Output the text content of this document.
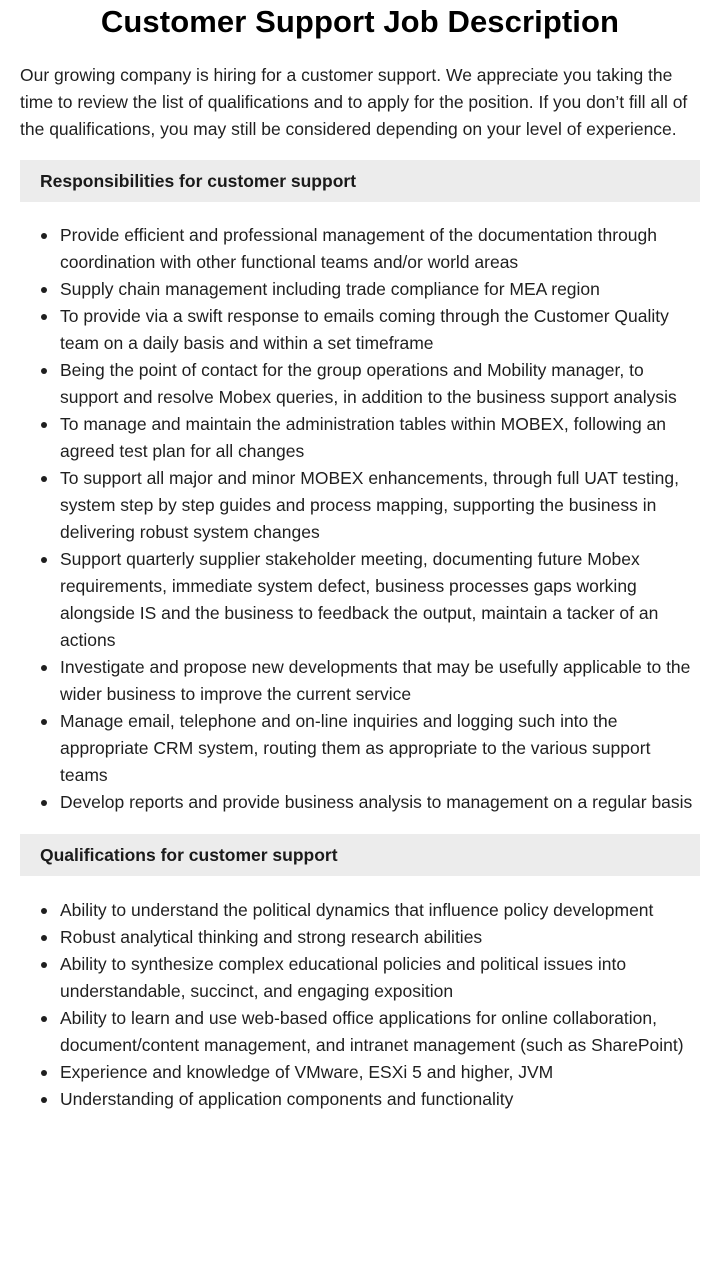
Customer Support Job Description

Our growing company is hiring for a customer support. We appreciate you taking the time to review the list of qualifications and to apply for the position. If you don’t fill all of the qualifications, you may still be considered depending on your level of experience.

Responsibilities for customer support
Provide efficient and professional management of the documentation through coordination with other functional teams and/or world areas
Supply chain management including trade compliance for MEA region
To provide via a swift response to emails coming through the Customer Quality team on a daily basis and within a set timeframe
Being the point of contact for the group operations and Mobility manager, to support and resolve Mobex queries, in addition to the business support analysis
To manage and maintain the administration tables within MOBEX, following an agreed test plan for all changes
To support all major and minor MOBEX enhancements, through full UAT testing, system step by step guides and process mapping, supporting the business in delivering robust system changes
Support quarterly supplier stakeholder meeting, documenting future Mobex requirements, immediate system defect, business processes gaps working alongside IS and the business to feedback the output, maintain a tacker of an actions
Investigate and propose new developments that may be usefully applicable to the wider business to improve the current service
Manage email, telephone and on-line inquiries and logging such into the appropriate CRM system, routing them as appropriate to the various support teams
Develop reports and provide business analysis to management on a regular basis
Qualifications for customer support
Ability to understand the political dynamics that influence policy development
Robust analytical thinking and strong research abilities
Ability to synthesize complex educational policies and political issues into understandable, succinct, and engaging exposition
Ability to learn and use web-based office applications for online collaboration, document/content management, and intranet management (such as SharePoint)
Experience and knowledge of VMware, ESXi 5 and higher, JVM
Understanding of application components and functionality
